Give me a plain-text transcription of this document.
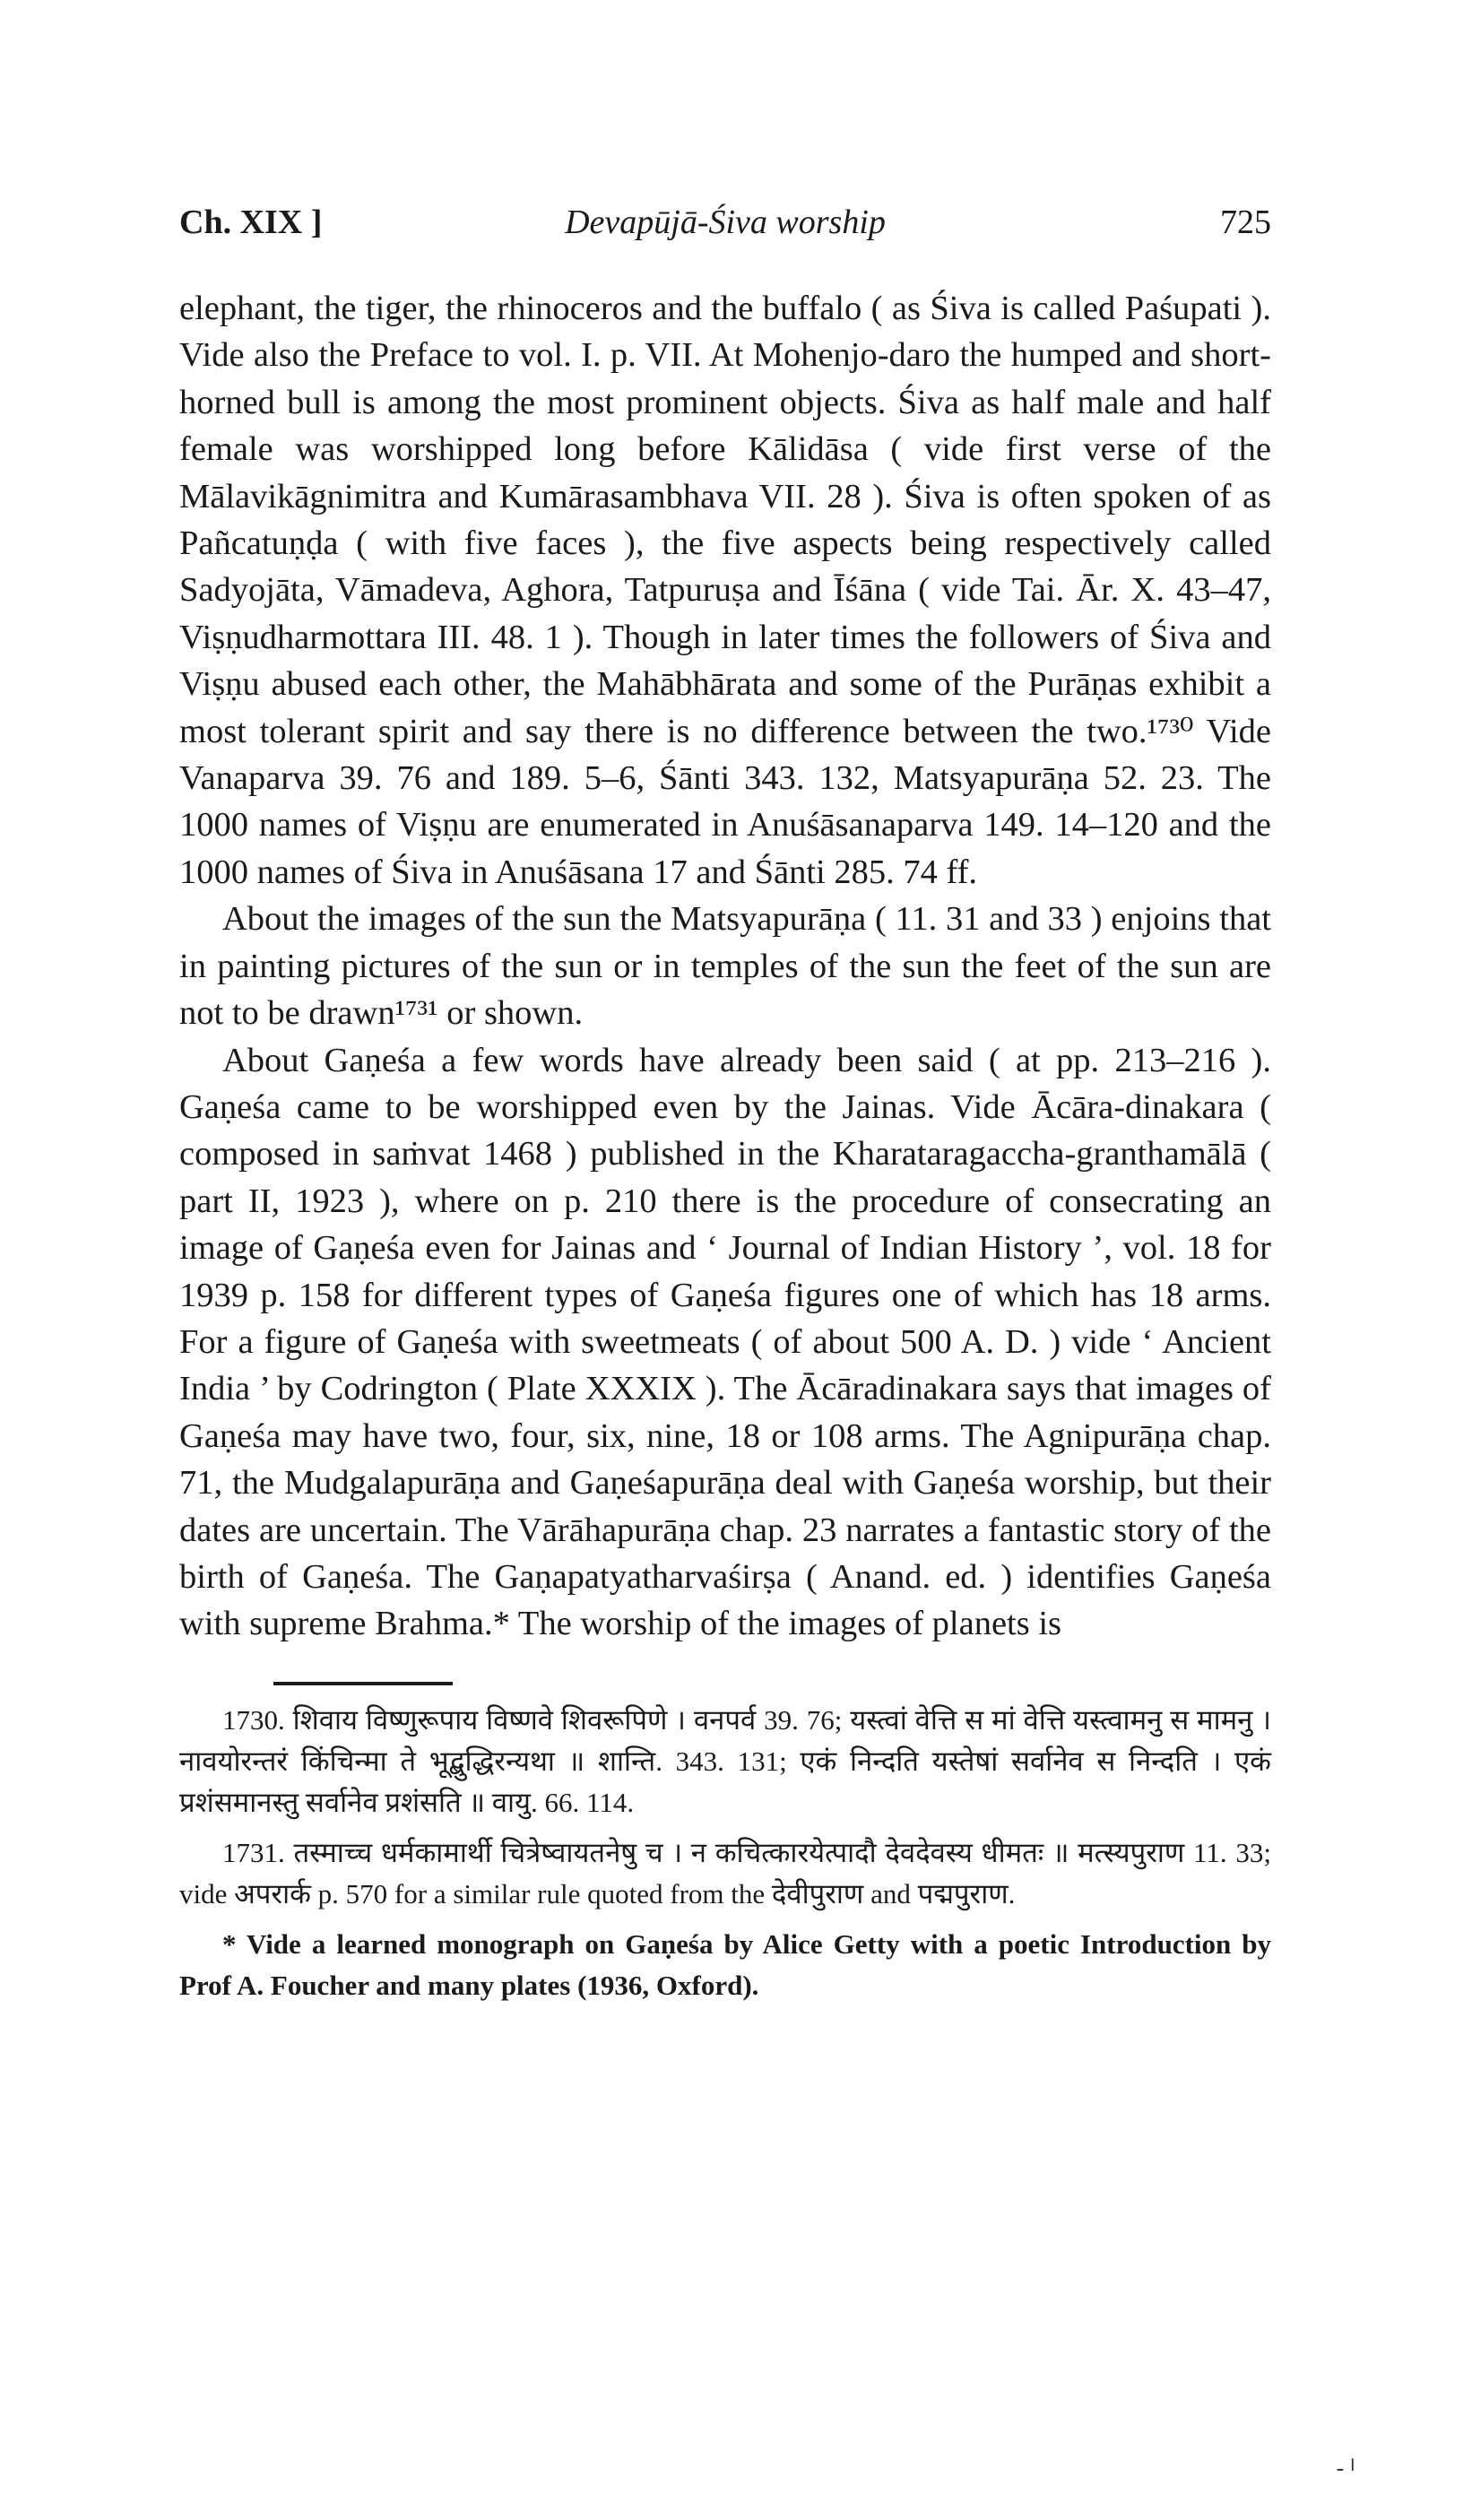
Ch. XIX ]	Devapūjā-Śiva worship	725

elephant, the tiger, the rhinoceros and the buffalo ( as Śiva is called Paśupati ). Vide also the Preface to vol. I. p. VII. At Mohenjo-daro the humped and short-horned bull is among the most prominent objects. Śiva as half male and half female was worshipped long before Kālidāsa ( vide first verse of the Mālavikāgnimitra and Kumārasambhava VII. 28 ). Śiva is often spoken of as Pañcatuṇḍa ( with five faces ), the five aspects being respectively called Sadyojāta, Vāmadeva, Aghora, Tatpuruṣa and Īśāna ( vide Tai. Ār. X. 43–47, Viṣṇudharmottara III. 48. 1 ). Though in later times the followers of Śiva and Viṣṇu abused each other, the Mahābhārata and some of the Purāṇas exhibit a most tolerant spirit and say there is no difference between the two.¹⁷³⁰ Vide Vanaparva 39. 76 and 189. 5–6, Śānti 343. 132, Matsyapurāṇa 52. 23. The 1000 names of Viṣṇu are enumerated in Anuśāsanaparva 149. 14–120 and the 1000 names of Śiva in Anuśāsana 17 and Śānti 285. 74 ff.

About the images of the sun the Matsyapurāṇa ( 11. 31 and 33 ) enjoins that in painting pictures of the sun or in temples of the sun the feet of the sun are not to be drawn¹⁷³¹ or shown.

About Gaṇeśa a few words have already been said ( at pp. 213–216 ). Gaṇeśa came to be worshipped even by the Jainas. Vide Ācāra-dinakara ( composed in saṁvat 1468 ) published in the Kharataragaccha-granthamālā ( part II, 1923 ), where on p. 210 there is the procedure of consecrating an image of Gaṇeśa even for Jainas and ‘ Journal of Indian History ’, vol. 18 for 1939 p. 158 for different types of Gaṇeśa figures one of which has 18 arms. For a figure of Gaṇeśa with sweetmeats ( of about 500 A. D. ) vide ‘ Ancient India ’ by Codrington ( Plate XXXIX ). The Ācāradinakara says that images of Gaṇeśa may have two, four, six, nine, 18 or 108 arms. The Agnipurāṇa chap. 71, the Mudgalapurāṇa and Gaṇeśapurāṇa deal with Gaṇeśa worship, but their dates are uncertain. The Vārāhapurāṇa chap. 23 narrates a fantastic story of the birth of Gaṇeśa. The Gaṇapatyatharvaśirṣa ( Anand. ed. ) identifies Gaṇeśa with supreme Brahma.* The worship of the images of planets is

1730. शिवाय विष्णुरूपाय विष्णवे शिवरूपिणे । वनपर्व 39. 76; यस्त्वां वेत्ति स मां वेत्ति यस्त्वामनु स मामनु । नावयोरन्तरं किंचिन्मा ते भूद्बुद्धिरन्यथा ॥ शान्ति. 343. 131; एकं निन्दति यस्तेषां सर्वानेव स निन्दति । एकं प्रशंसमानस्तु सर्वानेव प्रशंसति ॥ वायु. 66. 114.

1731. तस्माच्च धर्मकामार्थी चित्रेष्वायतनेषु च । न कचित्कारयेत्पादौ देवदेवस्य धीमतः ॥ मत्स्यपुराण 11. 33; vide अपरार्क p. 570 for a similar rule quoted from the देवीपुराण and पद्मपुराण.

* Vide a learned monograph on Gaṇeśa by Alice Getty with a poetic Introduction by Prof A. Foucher and many plates (1936, Oxford).

ـ ।
